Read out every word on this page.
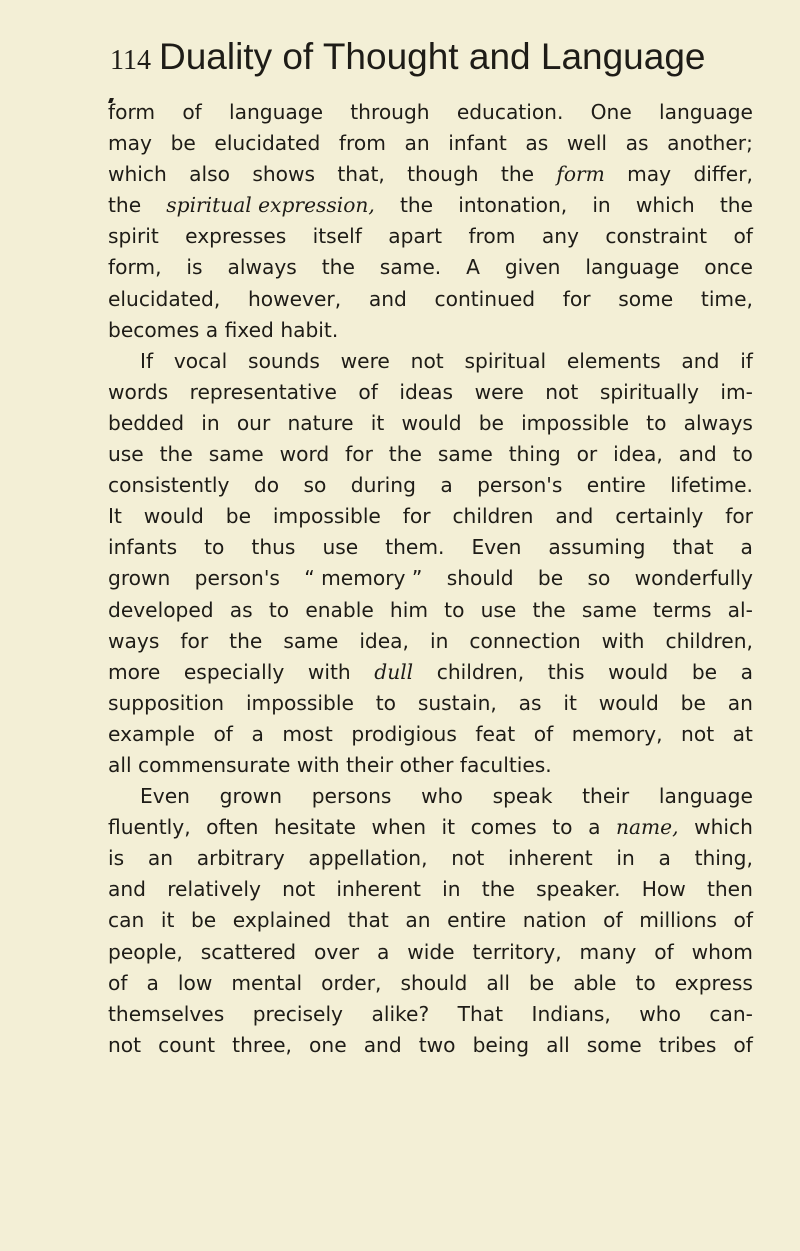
114 Duality of Thought and Language
form of language through education. One language
may be elucidated from an infant as well as another;
which also shows that, though the form may differ,
the spiritual expression, the intonation, in which the
spirit expresses itself apart from any constraint of
form, is always the same. A given language once
elucidated, however, and continued for some time,
becomes a fixed habit.
If vocal sounds were not spiritual elements and if
words representative of ideas were not spiritually im-
bedded in our nature it would be impossible to always
use the same word for the same thing or idea, and to
consistently do so during a person's entire lifetime.
It would be impossible for children and certainly for
infants to thus use them. Even assuming that a
grown person's “ memory ” should be so wonderfully
developed as to enable him to use the same terms al-
ways for the same idea, in connection with children,
more especially with dull children, this would be a
supposition impossible to sustain, as it would be an
example of a most prodigious feat of memory, not at
all commensurate with their other faculties.
Even grown persons who speak their language
fluently, often hesitate when it comes to a name, which
is an arbitrary appellation, not inherent in a thing,
and relatively not inherent in the speaker. How then
can it be explained that an entire nation of millions of
people, scattered over a wide territory, many of whom
of a low mental order, should all be able to express
themselves precisely alike? That Indians, who can-
not count three, one and two being all some tribes of
